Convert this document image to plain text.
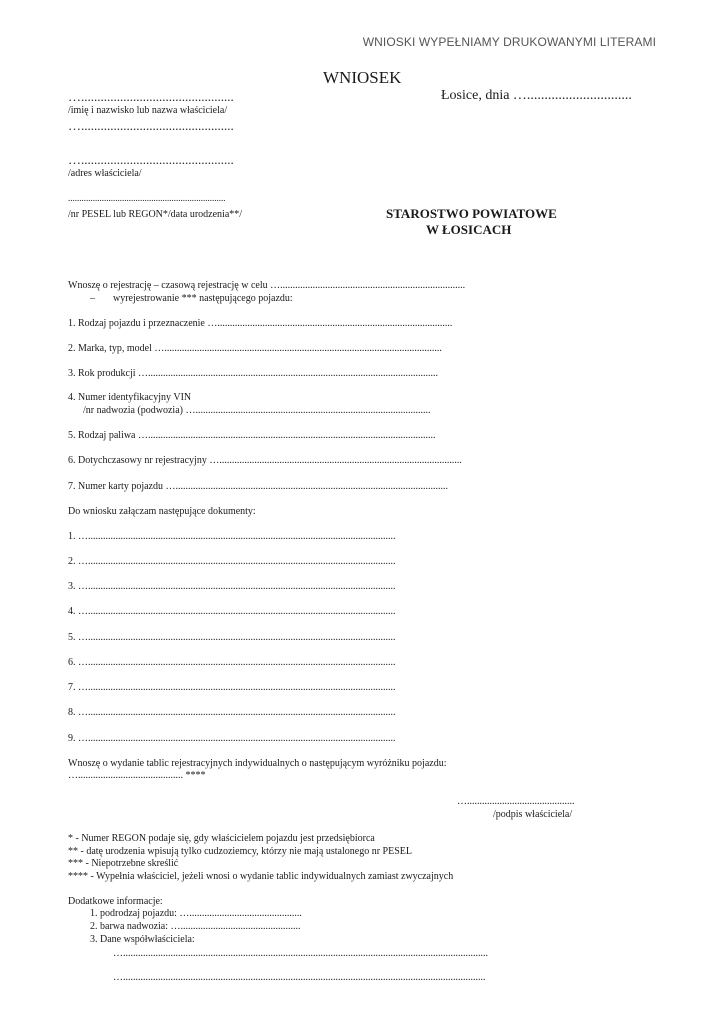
WNIOSKI WYPEŁNIAMY DRUKOWANYMI LITERAMI
WNIOSEK
Łosice, dnia …..............................
…...............................................
/imię i nazwisko lub nazwa właściciela/
…...............................................
…...............................................
/adres właściciela/
......................................................................
/nr PESEL lub REGON*/data urodzenia**/	STAROSTWO POWIATOWE
W ŁOSICACH
Wnoszę o rejestrację – czasową rejestrację w celu …..........................................................................
– wyrejestrowanie *** następującego pojazdu:
1. Rodzaj pojazdu i przeznaczenie …..............................................................................................
2. Marka, typ, model …...............................................................................................................
3. Rok produkcji …....................................................................................................................
4. Numer identyfikacyjny VIN
/nr nadwozia (podwozia) …..............................................................................................
5. Rodzaj paliwa …...................................................................................................................
6. Dotychczasowy nr rejestracyjny ….................................................................................................
7. Numer karty pojazdu ….............................................................................................................
Do wniosku załączam następujące dokumenty:
1. …...........................................................................................................................
2. …...........................................................................................................................
3. …...........................................................................................................................
4. …...........................................................................................................................
5. …...........................................................................................................................
6. …...........................................................................................................................
7. …...........................................................................................................................
8. …...........................................................................................................................
9. …...........................................................................................................................
Wnoszę o wydanie tablic rejestracyjnych indywidualnych o następującym wyróżniku pojazdu:
….......................................... ****
…...........................................
/podpis właściciela/
* - Numer REGON podaje się, gdy właścicielem pojazdu jest przedsiębiorca
** - datę urodzenia wpisują tylko cudzoziemcy, którzy nie mają ustalonego nr PESEL
*** - Niepotrzebne skreślić
**** - Wypełnia właściciel, jeżeli wnosi o wydanie tablic indywidualnych zamiast zwyczajnych
Dodatkowe informacje:
1. podrodzaj pojazdu: ….............................................
2. barwa nadwozia: …................................................
3. Dane współwłaściciela:
…..................................................................................................................................................
….................................................................................................................................................
